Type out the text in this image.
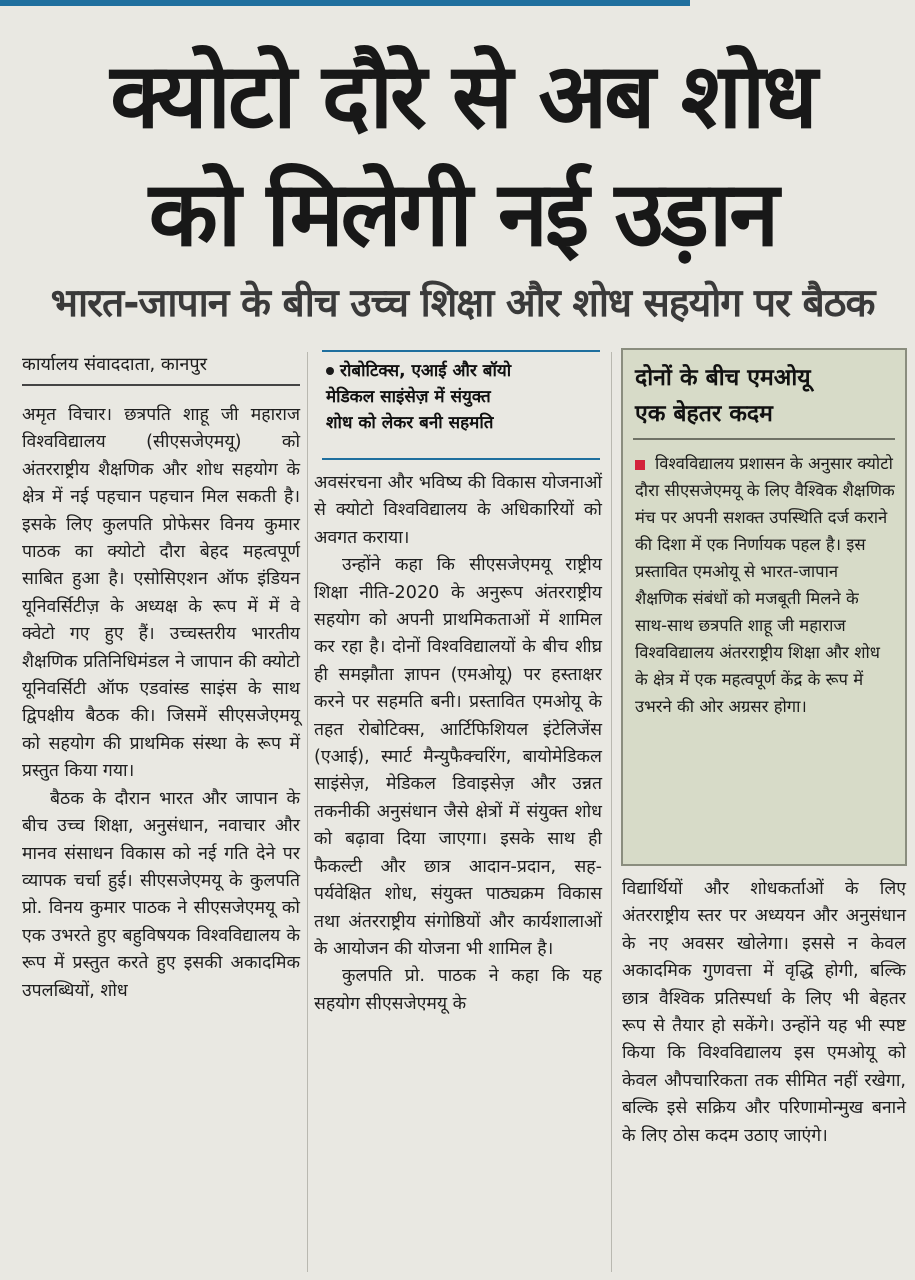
क्योटो दौरे से अब शोध
को मिलेगी नई उड़ान
भारत-जापान के बीच उच्च शिक्षा और शोध सहयोग पर बैठक
कार्यालय संवाददाता, कानपुर

अमृत विचार। छत्रपति शाहू जी महाराज विश्वविद्यालय (सीएसजेएमयू) को अंतरराष्ट्रीय शैक्षणिक और शोध सहयोग के क्षेत्र में नई पहचान पहचान मिल सकती है। इसके लिए कुलपति प्रोफेसर विनय कुमार पाठक का क्योटो दौरा बेहद महत्वपूर्ण साबित हुआ है। एसोसिएशन ऑफ इंडियन यूनिवर्सिटीज़ के अध्यक्ष के रूप में में वे क्वेटो गए हुए हैं। उच्चस्तरीय भारतीय शैक्षणिक प्रतिनिधिमंडल ने जापान की क्योटो यूनिवर्सिटी ऑफ एडवांस्ड साइंस के साथ द्विपक्षीय बैठक की। जिसमें सीएसजेएमयू को सहयोग की प्राथमिक संस्था के रूप में प्रस्तुत किया गया।

बैठक के दौरान भारत और जापान के बीच उच्च शिक्षा, अनुसंधान, नवाचार और मानव संसाधन विकास को नई गति देने पर व्यापक चर्चा हुई। सीएसजेएमयू के कुलपति प्रो. विनय कुमार पाठक ने सीएसजेएमयू को एक उभरते हुए बहुविषयक विश्वविद्यालय के रूप में प्रस्तुत करते हुए इसकी अकादमिक उपलब्धियों, शोध

रोबोटिक्स, एआई और बॉयो
मेडिकल साइंसेज़ में संयुक्त
शोध को लेकर बनी सहमति

अवसंरचना और भविष्य की विकास योजनाओं से क्योटो विश्वविद्यालय के अधिकारियों को अवगत कराया।

उन्होंने कहा कि सीएसजेएमयू राष्ट्रीय शिक्षा नीति-2020 के अनुरूप अंतरराष्ट्रीय सहयोग को अपनी प्राथमिकताओं में शामिल कर रहा है। दोनों विश्वविद्यालयों के बीच शीघ्र ही समझौता ज्ञापन (एमओयू) पर हस्ताक्षर करने पर सहमति बनी। प्रस्तावित एमओयू के तहत रोबोटिक्स, आर्टिफिशियल इंटेलिजेंस (एआई), स्मार्ट मैन्युफैक्चरिंग, बायोमेडिकल साइंसेज़, मेडिकल डिवाइसेज़ और उन्नत तकनीकी अनुसंधान जैसे क्षेत्रों में संयुक्त शोध को बढ़ावा दिया जाएगा। इसके साथ ही फैकल्टी और छात्र आदान-प्रदान, सह-पर्यवेक्षित शोध, संयुक्त पाठ्यक्रम विकास तथा अंतरराष्ट्रीय संगोष्ठियों और कार्यशालाओं के आयोजन की योजना भी शामिल है।

कुलपति प्रो. पाठक ने कहा कि यह सहयोग सीएसजेएमयू के

दोनों के बीच एमओयू
एक बेहतर कदम
विश्वविद्यालय प्रशासन के अनुसार क्योटो दौरा सीएसजेएमयू के लिए वैश्विक शैक्षणिक मंच पर अपनी सशक्त उपस्थिति दर्ज कराने की दिशा में एक निर्णायक पहल है। इस प्रस्तावित एमओयू से भारत-जापान शैक्षणिक संबंधों को मजबूती मिलने के साथ-साथ छत्रपति शाहू जी महाराज विश्वविद्यालय अंतरराष्ट्रीय शिक्षा और शोध के क्षेत्र में एक महत्वपूर्ण केंद्र के रूप में उभरने की ओर अग्रसर होगा।

विद्यार्थियों और शोधकर्ताओं के लिए अंतरराष्ट्रीय स्तर पर अध्ययन और अनुसंधान के नए अवसर खोलेगा। इससे न केवल अकादमिक गुणवत्ता में वृद्धि होगी, बल्कि छात्र वैश्विक प्रतिस्पर्धा के लिए भी बेहतर रूप से तैयार हो सकेंगे। उन्होंने यह भी स्पष्ट किया कि विश्वविद्यालय इस एमओयू को केवल औपचारिकता तक सीमित नहीं रखेगा, बल्कि इसे सक्रिय और परिणामोन्मुख बनाने के लिए ठोस कदम उठाए जाएंगे।
